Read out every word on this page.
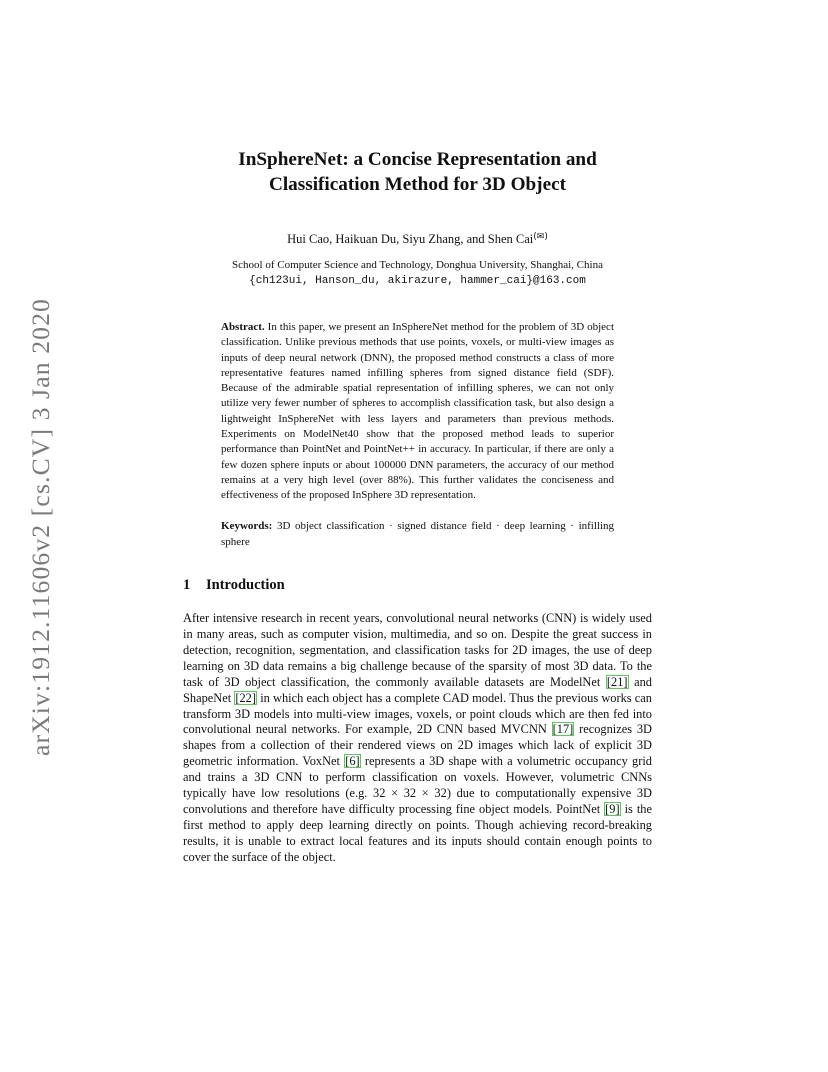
arXiv:1912.11606v2 [cs.CV] 3 Jan 2020
InSphereNet: a Concise Representation and
Classification Method for 3D Object
Hui Cao, Haikuan Du, Siyu Zhang, and Shen Cai(✉)
School of Computer Science and Technology, Donghua University, Shanghai, China
{ch123ui, Hanson_du, akirazure, hammer_cai}@163.com
Abstract. In this paper, we present an InSphereNet method for the problem of 3D object classification. Unlike previous methods that use points, voxels, or multi-view images as inputs of deep neural network (DNN), the proposed method constructs a class of more representative features named infilling spheres from signed distance field (SDF). Because of the admirable spatial representation of infilling spheres, we can not only utilize very fewer number of spheres to accomplish classification task, but also design a lightweight InSphereNet with less layers and parameters than previous methods. Experiments on ModelNet40 show that the proposed method leads to superior performance than PointNet and PointNet++ in accuracy. In particular, if there are only a few dozen sphere inputs or about 100000 DNN parameters, the accuracy of our method remains at a very high level (over 88%). This further validates the conciseness and effectiveness of the proposed InSphere 3D representation.
Keywords: 3D object classification · signed distance field · deep learning · infilling sphere
1 Introduction

After intensive research in recent years, convolutional neural networks (CNN) is widely used in many areas, such as computer vision, multimedia, and so on. Despite the great success in detection, recognition, segmentation, and classification tasks for 2D images, the use of deep learning on 3D data remains a big challenge because of the sparsity of most 3D data. To the task of 3D object classification, the commonly available datasets are ModelNet [21] and ShapeNet [22] in which each object has a complete CAD model. Thus the previous works can transform 3D models into multi-view images, voxels, or point clouds which are then fed into convolutional neural networks. For example, 2D CNN based MVCNN [17] recognizes 3D shapes from a collection of their rendered views on 2D images which lack of explicit 3D geometric information. VoxNet [6] represents a 3D shape with a volumetric occupancy grid and trains a 3D CNN to perform classification on voxels. However, volumetric CNNs typically have low resolutions (e.g. 32 × 32 × 32) due to computationally expensive 3D convolutions and therefore have difficulty processing fine object models. PointNet [9] is the first method to apply deep learning directly on points. Though achieving record-breaking results, it is unable to extract local features and its inputs should contain enough points to cover the surface of the object.
